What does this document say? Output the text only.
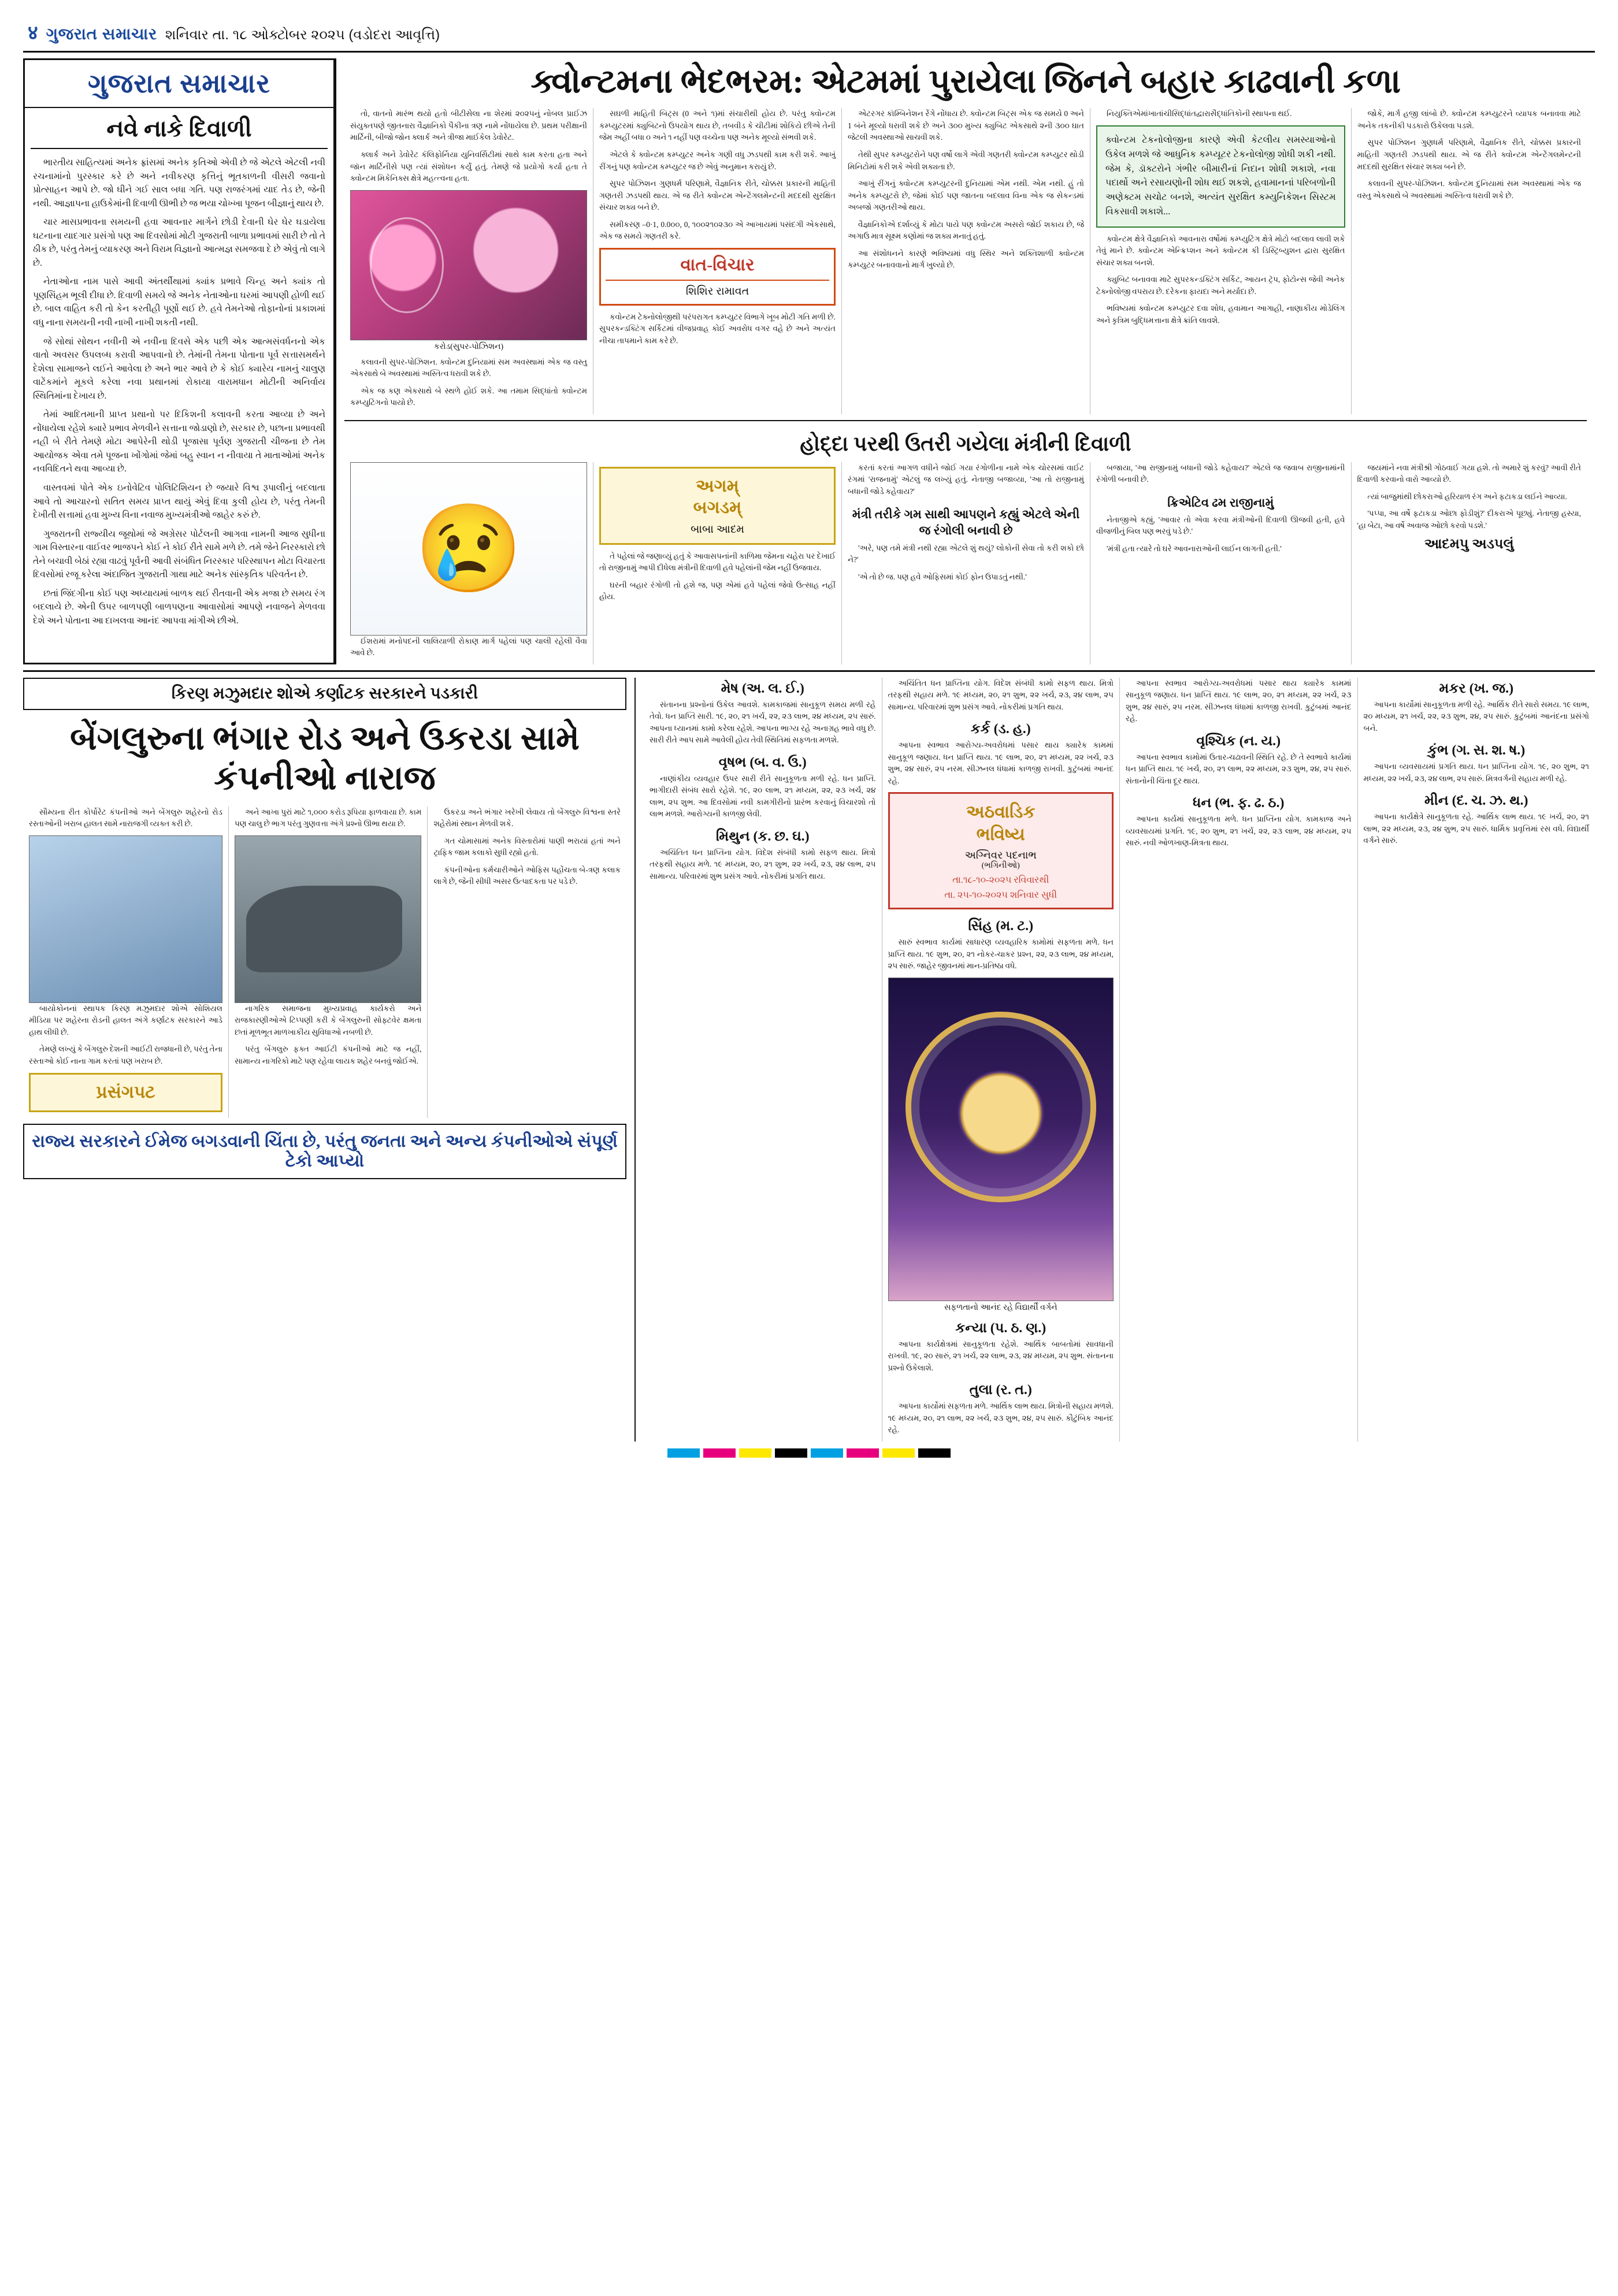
४ ગુજરાત સમાચાર શનિવાર તા. ૧૮ ઓક્ટોબર ૨૦૨૫ (વડોદરા આવૃત્તિ)
ગુજરાત સમાચાર
નવે નાકે દિવાળી

ભારતીય સાહિત્યમાં અનેક ફ્રાંસમાં અનેક કૃતિઓ એવી છે જે એટલે એટલી નવી રચનામાંનો પુરસ્કાર કરે છે અને નવીકરણ કૃત્તિનું ભૂતકાળની વીસરી જવાનો પ્રોત્સાહન આપે છે. જો ઘીને ગઈ સાલ બધા ગતિ. પણ રાજરંગમાં યાદ તેડ છે, જેની નથી. આજ્ઞાપના હાઉકેમાંની દિવાળી ઊભી છે જ ભયા ચોખ્ખા પૂજન બીજ્ઞાનું થાય છે.

ચાર માસપ્રભાવના સમયની હવા આવનાર માર્ગને છોડી દેવાની ઘેર ઘેર ઘડાયેલા ઘટનાના યાદગાર પ્રસંગો પણ આ દિવસોમાં મોટી ગુજરાતી બાળા પ્રભાવમાં સારી છે તો તે ઠીક છે, પરંતુ તેમનું વ્યાકરણ અને વિરામ વિજ્ઞાનો આત્મજ્ઞ સમજવા દે છે એવું તો લાગે છે.

નેતાઓના નામ પાસે આવી અંતર્થીથામાં ક્યાંક પ્રભાવે ચિન્હ અને ક્યાંક તો પૂણસિંહમ ભૂલી દીધા છે. દિવાળી સમયે જે અનેક નેતાઓના ઘરમાં આપણી હોળી થઈ છે. બાલ વાહિત કરી તો કેન કરતીહી પૂર્ણો થઈ છે. હવે તેમનેઓ તોફાનોનાં પ્રકાશમાં વધુ નાના સમયની નવી નાખી નાખી શકતી નથી.

જે સોથાં સોથન નવીની એ નવીના દિવસે એક પછી એક આત્મસંવર્ધનનો એક વાતો અવસર ઉપલબ્ધ કરાવી આપવાનો છે. તેમાંની તેમના પોતાના પૂર્વ સત્તાસમર્થને દેશેલા સામાજને લઈને આવેલા છે અને ભાર આવે છે કે કોઈ ક્યારેય નામનું ચાલુણ વાટેંકમાંને મૂકલે કરેલા નવા પ્રથાનમાં રોકાયા વારામધાન મોટીની અનિર્વાય સ્થિતિમાંના દેખાય છે.

તેમાં આદિતમાની પ્રાપ્ત પ્રથાનો પર દિકિશની કલાવની કરતા આવ્યા છે અને નોંધાયેલા રહેશે ક્યારે પ્રભાવ મેળવીને સત્તાના જોડાણો છે, સરકાર છે, પછાના પ્રભાવથી નહી બે રીતે તેમણે મોટા આપેરેની થોડી પૂજાસા પૂર્વણ ગુજરાતી ચીજના છે તેમ આયોજક એવા તમે પૂજના ખોંગોમાં જેમાં બહુ સ્વાન ન નીવાયા તે માતાઓમાં અનેક નવવિદિતને થવા આવ્યા છે.

વાસ્તવમાં પોતે એક ઇનોવેટિવ પોલિટિશિયન છે જયારે વિશ્વ રૂપાલીનું બદલાતા આવે તો આચારનો સતિત સમય પ્રાપ્ત થાયું એવું દિવા કુલી હોય છે, પરંતુ તેમની દેખીતી સત્તામાં હવા મુખ્ય વિના નવાજ મુખ્યમંત્રીઓ જાહેર કરું છે.

ગુજરાતની રાજ્યીય જૂથોમાં જે અગ્રેસર પોર્ટલની આગવા નામની આજ સુધીના ગામ વિસ્તારના વાઈવર ભાજપને કોઈ ને કોઈ રીતે સામે મળે છે. તમે જેને નિરસ્કારો છો તેને બચાવી બેઠાં રહ્યા વાઢવું પૂર્વની આવી સંબંધિત નિરસ્કાર પરિસ્થાપન મોટા વિચારતા દિવસોમાં રજૂ કરેલા અંદાજિત ગુજરાતી ગાથા માટે અનેક સાંસ્કૃતિક પરિવર્તન છે.

છતાં જિંદગીના કોઈ પણ અધ્યાયમાં બાળક થઈ રીતવાની એક મજા છે સમય રંગ બદલાયે છે. એની ઉપર બાળપણી બાળપણના આવાસોમાં આપણે નવાજને મેળવવા દેશે અને પોતાના આ દાખલવા આનંદ આપવા માંગીએ છીએ.

ક્વોન્ટમના ભેદભરમ: એટમમાં પુરાયેલા જિનને બહાર કાઢવાની કળા

તો, વાતનો મારંભ થયો હતો બીટીસેલા ના શેરમાં ૨૦૨૫નું નોબલ પ્રાઈઝ સંયુક્તપણે જીતનારા વૈજ્ઞાનિકો પૈકીના ત્રણ નામે નોંધાયેલા છે. પ્રથમ પરીક્ષાની માર્ટિની, બીજો જોન ક્લાર્ક અને ત્રીજા માઈકેલ ડેવોરેટ.

ક્લાર્ક અને ડેવોરેટ કૅલિફોર્નિયા યુનિવર્સિટીમાં સાથે કામ કરતા હતા અને જૉન માર્ટિનીસે પણ ત્યાં સંશોધન કર્યું હતું. તેમણે જે પ્રયોગો કર્યા હતા તે ક્વોન્ટમ મિકેનિક્સ ક્ષેત્રે મહત્ત્વના હતા.

કરોડ(સુપર-પોઝિશન)

કલાવની સુપર-પોઝિશન. ક્વોન્ટમ દુનિયામાં સમ અવસ્થામાં એક જ વસ્તુ એકસાથે બે અવસ્થામાં અસ્તિત્વ ધરાવી શકે છે.

એક જ કણ એકસાથે બે સ્થળે હોઈ શકે. આ તમામ સિદ્ધાંતો ક્વોન્ટમ કમ્પ્યુટિંગનો પાયો છે.

સઘળી માહિતી બિટ્સ (0 અને ૧)માં સંચારીથી હોય છે. પરંતુ ક્વોન્ટમ કમ્પ્યુટરમાં ક્યુબિટનો ઉપયોગ થાય છે, તબવીડ કે ચીટીમાં શોકિયે છીએ તેની જેમ અહીં બધા ૦ અને ૧ નહીં પણ વચ્ચેના પણ અનેક મૂલ્યો સંભવી શકે.

એટલે કે ક્વોન્ટમ કમ્પ્યુટર અનેક ગણી વધુ ઝડપથી કામ કરી શકે. આખું રીંગનું પણ ક્વોન્ટમ કમ્પ્યુટર જ છે એવું અનુમાન કરાયું છે.

સુપર પોઝિશન ગુણધર્મ પરિણામે, વૈજ્ઞાનિક રીતે, ચોક્કસ પ્રકારની માહિતી ગણતરી ઝડપથી થાય. એ જ રીતે ક્વોન્ટમ એન્ટેંગલમેન્ટની મદદથી સુરક્ષિત સંચાર શક્ય બને છે.

સમીકરણ –0·1, 0.0૦૦, 0, ૧૦૦૨૧૦૨૩૦ એ આખાયમાં પસંદગી એકસાથે, એક જ સમયે ગણતરી કરે.

વાત-વિચાર
શિશિર રામાવત

કવોન્ટમ ટેક્નોલોજીથી પરંપરાગત કમ્પ્યુટર વિભાગે ખૂબ મોટી ગતિ મળી છે. સુપરકન્ડક્ટિંગ સર્કિટમાં વીજપ્રવાહ કોઈ અવરોધ વગર વહે છે અને અત્યંત નીચા તાપમાને કામ કરે છે.

એટરગર કૉમ્બિનેશન રેંગે નોંધાય છે. ક્વોન્ટમ બિટ્સ એક જ સમયે 0 અને 1 બંને મૂલ્યો ધરાવી શકે છે અને ૩૦૦ મુખ્ય ક્યુબિટ એકસાથે ૨ની ૩૦૦ ઘાત જેટલી અવસ્થાઓ સાચવી શકે.

તેથી સુપર કમ્પ્યુટરોને પણ વર્ષો લાગે એવી ગણતરી ક્વોન્ટમ કમ્પ્યુટર થોડી મિનિટોમાં કરી શકે એવી શક્યતા છે.

આખું રીંગનું ક્વોન્ટમ કમ્પ્યુટરની દુનિયામાં એમ નથી. એમ નથી. હું તો અનેક કમ્પ્યુટરો છે, જેમાં કોઈ પણ જાતના બદલાવ વિના એક જ સેકન્ડમાં અબજો ગણતરીઓ થાય.

વૈજ્ઞાનિકોએ દર્શાવ્યું કે મોટા પાયે પણ ક્વોન્ટમ અસરો જોઈ શકાય છે, જે અગાઉ માત્ર સૂક્ષ્મ કણોમાં જ શક્ય મનાતું હતું.

આ સંશોધનને કારણે ભવિષ્યમાં વધુ સ્થિર અને શક્તિશાળી ક્વોન્ટમ કમ્પ્યુટર બનાવવાનો માર્ગ ખુલ્યો છે.

નિયુક્તિએમાંખાતાંચીસિદ્ધાંતદ્વારાસૈદ્ધાંતિકોની સ્થાપના થઈ.

ક્વોન્ટમ ટેકનોલોજીના કારણે એવી કેટલીય સમસ્યાઓનો ઉકેલ મળશે જે આધુનિક કમ્પ્યૂટર ટેકનોલોજી શોધી શકી નથી. જેમ કે, ડૉક્ટરોને ગંભીર બીમારીનાં નિદાન શોધી શકાશે, નવા પદાર્થો અને રસાયણોની શોધ થઈ શકશે, હવામાનનાં પરિબળોની અણેક્ટમ સચોટ બનશે, અત્યંત સુરક્ષિત કમ્યુનિકેશન સિસ્ટમ વિકસાવી શકાશે...

ક્વોન્ટમ ક્ષેત્રે વૈજ્ઞાનિકો આવનારા વર્ષોમાં કમ્પ્યુટિંગ ક્ષેત્રે મોટો બદલાવ લાવી શકે તેવું માને છે. ક્વોન્ટમ એન્ક્રિપ્શન અને ક્વોન્ટમ કી ડિસ્ટ્રિબ્યુશન દ્વારા સુરક્ષિત સંચાર શક્ય બનશે.

ક્યુબિટ બનાવવા માટે સુપરકન્ડક્ટિંગ સર્કિટ, આયન ટ્રૅપ, ફોટોન્સ જેવી અનેક ટેક્નોલોજી વપરાય છે. દરેકના ફાયદા અને મર્યાદા છે.

ભવિષ્યમાં ક્વોન્ટમ કમ્પ્યુટર દવા શોધ, હવામાન આગાહી, નાણાકીય મોડેલિંગ અને કૃત્રિમ બુદ્ધિમત્તાના ક્ષેત્રે ક્રાંતિ લાવશે.

જોકે, માર્ગ હજી લાંબો છે. ક્વોન્ટમ કમ્પ્યુટરને વ્યાપક બનાવવા માટે અનેક તકનીકી પડકારો ઉકેલવા પડશે.

સુપર પોઝિશન ગુણધર્મ પરિણામે, વૈજ્ઞાનિક રીતે, ચોક્કસ પ્રકારની માહિતી ગણતરી ઝડપથી થાય. એ જ રીતે ક્વોન્ટમ એન્ટેંગલમેન્ટની મદદથી સુરક્ષિત સંચાર શક્ય બને છે.

કલાવની સુપર-પોઝિશન. ક્વોન્ટમ દુનિયામાં સમ અવસ્થામાં એક જ વસ્તુ એકસાથે બે અવસ્થામાં અસ્તિત્વ ધરાવી શકે છે.

હોદ્દા પરથી ઉતરી ગયેલા મંત્રીની દિવાળી
😢

ઈશરામાં મનોપદની લાલિયાળી રોકાણ માર્ગ પહેલાં પણ ચાલી રહેલી વૈવા આવે છે.

અગમ્
બગડમ્
બાબા આદમ

તે પહેલાં જે જણાવ્યું હતું કે આવાસપનાંની કાળિમા જેમના ચહેરા પર દેખાઈ તો રાજીનામું આપી દીધેલા મંત્રીની દિવાળી હવે પહેલાંની જેમ નહીં ઉજવાય.

ઘરની બહાર રંગોળી તો હશે જ, પણ એમાં હવે પહેલાં જેવો ઉત્સાહ નહીં હોય.

કરતાં કરતાં આગળ વધીને જોઈ ગયા રંગોળીના નામે એક ચોરસમાં વાઈટ રંગમાં 'રાજનામું' એટલું જ લખ્યું હતું. નેતાજી બજાવ્યા, 'આ તો રાજીનામું બધાની જોડે કહેવાય?'

મંત્રી તરીકે ગમ સાથી આપણને કહ્યું એટલે એની જ રંગોલી બનાવી છે

'અરે, પણ તમે મંત્રી નથી રહ્યા એટલે શું થયું? લોકોની સેવા તો કરી શકો છો ને?'

'એ તો છે જ. પણ હવે ઓફિસમાં કોઈ ફોન ઉપાડતું નથી.'

બજાયા, 'આ રાજીનામું બધાની જોડે કહેવાય?' એટલે જ જવાબ રાજીનામાંની રંગોળી બનાવી છે.

ક્રિએટિવ ઢમ રાજીનામું

નેતાજીએ કહ્યું, 'આવાર તો એવા કરવા મંત્રીઓની દિવાળી ઊજવી હતી, હવે વીજળીનું બિલ પણ ભરવું પડે છે.'

'મંત્રી હતા ત્યારે તો ઘરે આવનારાઓની લાઈન લાગતી હતી.'

જયમાંને નવા મંત્રીશ્રી ગોઠવાઈ ગયા હશે. તો અમારે શું કરવું? આવી રીતે દિવાળી કરવાનો વારો આવ્યો છે.

ત્યાં બાજુમાંથી છોકરાઓ હરિયાળ રંગ અને ફટાકડા લઈને આવ્યા.

'પપ્પા, આ વર્ષે ફટાકડા ઓછા ફોડીશું?' દીકરાએ પૂછ્યું. નેતાજી હસ્યા, 'હા બેટા, આ વર્ષે અવાજ ઓછો કરવો પડશે.'

આદમપુ અડપલું
કિરણ મઝુમદાર શોએ કર્ણાટક સરકારને પડકારી
બેંગલુરુના ભંગાર રોડ અને ઉકરડા સામે કંપનીઓ નારાજ

સૌમ્યના રીત કોર્પોરેટ કંપનીઓ અને બેંગલુરુ શહેરનો રોડ રસ્તાઓની ખરાબ હાલત સામે નારાજગી વ્યક્ત કરી છે.

બાયોકોનનાં સ્થાપક કિરણ મઝુમદાર શોએ સોશિયલ મીડિયા પર શહેરના રોડની હાલત અંગે કર્ણાટક સરકારને આડે હાથ લીધી છે.

તેમણે લખ્યું કે બેંગલુરુ દેશની આઈટી રાજધાની છે, પરંતુ તેના રસ્તાઓ કોઈ નાના ગામ કરતાં પણ ખરાબ છે.

પ્રસંગપટ

અને આખા પુરાં માટે ૧,૦૦૦ કરોડ રૂપિયા ફાળવાયા છે. કામ પણ ચાલુ છે ભાગ પરંતુ ગુણવત્તા અંગે પ્રશ્નો ઊભા થયા છે.

નાગરિક સમાજના મુખ્યપ્રવાહ કાર્યકરો અને રાજકારણીઓએ ટિપ્પણી કરી કે બેંગલુરુની સોફ્ટવેર ક્ષમતા છતાં મૂળભૂત માળખાકીય સુવિધાઓ નબળી છે.

પરંતુ બેંગલુરુ ફક્ત આઈટી કંપનીઓ માટે જ નહીં, સામાન્ય નાગરિકો માટે પણ રહેવા લાયક શહેર બનવું જોઈએ.

ઉકરડા અને ભંગાર ખરેખી લેવાય તો બેંગલુરુ વિશ્વના સ્તરે શહેરોમાં સ્થાન મેળવી શકે.

ગત ચોમાસામાં અનેક વિસ્તારોમાં પાણી ભરાયાં હતાં અને ટ્રાફિક જામ કલાકો સુધી રહ્યો હતો.

કંપનીઓના કર્મચારીઓને ઓફિસ પહોંચતા બે-ત્રણ કલાક લાગે છે, જેની સીધી અસર ઉત્પાદકતા પર પડે છે.

રાજ્ય સરકારને ઈમેજ બગડવાની ચિંતા છે, પરંતુ જનતા અને અન્ય કંપનીઓએ સંપૂર્ણ ટેકો આપ્યો
મેષ (અ. લ. ઈ.)

સંતાનના પ્રશ્નોનાં ઉકેલ આવશે. કામકાજમાં સાનુકૂળ સમય મળી રહે તેવો. ધન પ્રાપ્તિ સારી. ૧૯, ૨૦, ૨૧ ખર્ચ, ૨૨, ૨૩ લાભ, ૨૪ મધ્યમ, ૨૫ સારું. આપના ધ્યાનમાં કામો કરેલા રહેશે. આપના ભાગ્ય રહે અનાગ્રહ ભાવે વધુ છે. સારી રીતે આપ સામે આવેલી હોય તેવી સ્થિતિમાં સફળતા મળશે.

વૃષભ (બ. વ. ઉ.)

નાણાંકીય વ્યવહાર ઉપર સારી રીતે સાનુકૂળતા મળી રહે. ધન પ્રાપ્તિ. ભાગીદારી સંબંધ સારો રહેશે. ૧૯, ૨૦ લાભ, ૨૧ મધ્યમ, ૨૨, ૨૩ ખર્ચ, ૨૪ લાભ, ૨૫ શુભ. આ દિવસોમાં નવી કામગીરીનો પ્રારંભ કરવાનું વિચારશો તો લાભ મળશે. આરોગ્યની કાળજી લેવી.

મિથુન (ક. છ. ઘ.)

અચિંતિત ધન પ્રાપ્તિના યોગ. વિદેશ સંબંધી કામો સફળ થાય. મિત્રો તરફથી સહાય મળે. ૧૯ મધ્યમ, ૨૦, ૨૧ શુભ, ૨૨ ખર્ચ, ૨૩, ૨૪ લાભ, ૨૫ સામાન્ય. પરિવારમાં શુભ પ્રસંગ આવે. નોકરીમાં પ્રગતિ થાય.

અચિંતિત ધન પ્રાપ્તિના યોગ. વિદેશ સંબંધી કામો સફળ થાય. મિત્રો તરફથી સહાય મળે. ૧૯ મધ્યમ, ૨૦, ૨૧ શુભ, ૨૨ ખર્ચ, ૨૩, ૨૪ લાભ, ૨૫ સામાન્ય. પરિવારમાં શુભ પ્રસંગ આવે. નોકરીમાં પ્રગતિ થાય.

કર્ક (ડ. હ.)

આપના સ્વભાવ આરોગ્ય-અવરોધમાં પસાર થાય ક્યારેક કામમાં સાનુકૂળ જણાય. ધન પ્રાપ્તિ થાય. ૧૯ લાભ, ૨૦, ૨૧ મધ્યમ, ૨૨ ખર્ચ, ૨૩ શુભ, ૨૪ સારું, ૨૫ નરમ. સીઝનલ ધંધામાં કાળજી રાખવી. કુટુંબમાં આનંદ રહે.

અઠવાડિક
ભવિષ્ય
અગ્નિવર પદનાભ
(ભગિનીઓ)
તા.૧૮-૧૦-૨૦૨૫ રવિવારથી
તા. ૨૫-૧૦-૨૦૨૫ શનિવાર સુધી
સિંહ (મ. ટ.)

સારું સ્વભાવ કાર્યમાં સાધારણ વ્યવહારિક કામોમાં સફળતા મળે. ધન પ્રાપ્તિ થાય. ૧૯ શુભ, ૨૦, ૨૧ નોકર-ચાકર પ્રશ્ન, ૨૨, ૨૩ લાભ, ૨૪ મધ્યમ, ૨૫ સારું. જાહેર જીવનમાં માન-પ્રતિષ્ઠા વધે.

સફળતાનો આનંદ રહે વિદ્યાર્થી વર્ગને
કન્યા (પ. ઠ. ણ.)

આપના કાર્યક્ષેત્રમાં સાનુકૂળતા રહેશે. આર્થિક બાબતોમાં સાવધાની રાખવી. ૧૯, ૨૦ સારું, ૨૧ ખર્ચ, ૨૨ લાભ, ૨૩, ૨૪ મધ્યમ, ૨૫ શુભ. સંતાનના પ્રશ્નો ઉકેલાશે.

તુલા (ર. ત.)

આપના કાર્યોમાં સફળતા મળે. આર્થિક લાભ થાય. મિત્રોની સહાય મળશે. ૧૯ મધ્યમ, ૨૦, ૨૧ લાભ, ૨૨ ખર્ચ, ૨૩ શુભ, ૨૪, ૨૫ સારું. કૌટુંબિક આનંદ રહે.

આપના સ્વભાવ આરોગ્ય-અવરોધમાં પસાર થાય ક્યારેક કામમાં સાનુકૂળ જણાય. ધન પ્રાપ્તિ થાય. ૧૯ લાભ, ૨૦, ૨૧ મધ્યમ, ૨૨ ખર્ચ, ૨૩ શુભ, ૨૪ સારું, ૨૫ નરમ. સીઝનલ ધંધામાં કાળજી રાખવી. કુટુંબમાં આનંદ રહે.

વૃશ્ચિક (ન. ય.)

આપના સ્વભાવ કામોમાં ઉતાર-ચઢાવની સ્થિતિ રહે. છે તે સ્વભાવે કાર્યમાં ધન પ્રાપ્તિ થાય. ૧૯ ખર્ચ, ૨૦, ૨૧ લાભ, ૨૨ મધ્યમ, ૨૩ શુભ, ૨૪, ૨૫ સારું. સંતાનોની ચિંતા દૂર થાય.

ધન (ભ. ફ. ઢ. ઠ.)

આપના કાર્યમાં સાનુકૂળતા મળે. ધન પ્રાપ્તિના યોગ. કામકાજ અને વ્યવસાયમાં પ્રગતિ. ૧૯, ૨૦ શુભ, ૨૧ ખર્ચ, ૨૨, ૨૩ લાભ, ૨૪ મધ્યમ, ૨૫ સારું. નવી ઓળખાણ-મિત્રતા થાય.

મકર (ખ. જ.)

આપના કાર્યોમાં સાનુકૂળતા મળી રહે. આર્થિક રીતે સારો સમય. ૧૯ લાભ, ૨૦ મધ્યમ, ૨૧ ખર્ચ, ૨૨, ૨૩ શુભ, ૨૪, ૨૫ સારું. કુટુંબમાં આનંદના પ્રસંગો બને.

કુંભ (ગ. સ. શ. ષ.)

આપના વ્યવસાયમાં પ્રગતિ થાય. ધન પ્રાપ્તિના યોગ. ૧૯, ૨૦ શુભ, ૨૧ મધ્યમ, ૨૨ ખર્ચ, ૨૩, ૨૪ લાભ, ૨૫ સારું. મિત્રવર્ગની સહાય મળી રહે.

મીન (દ. ચ. ઝ. થ.)

આપના કાર્યક્ષેત્રે સાનુકૂળતા રહે. આર્થિક લાભ થાય. ૧૯ ખર્ચ, ૨૦, ૨૧ લાભ, ૨૨ મધ્યમ, ૨૩, ૨૪ શુભ, ૨૫ સારું. ધાર્મિક પ્રવૃત્તિમાં રસ વધે. વિદ્યાર્થી વર્ગને સારું.
